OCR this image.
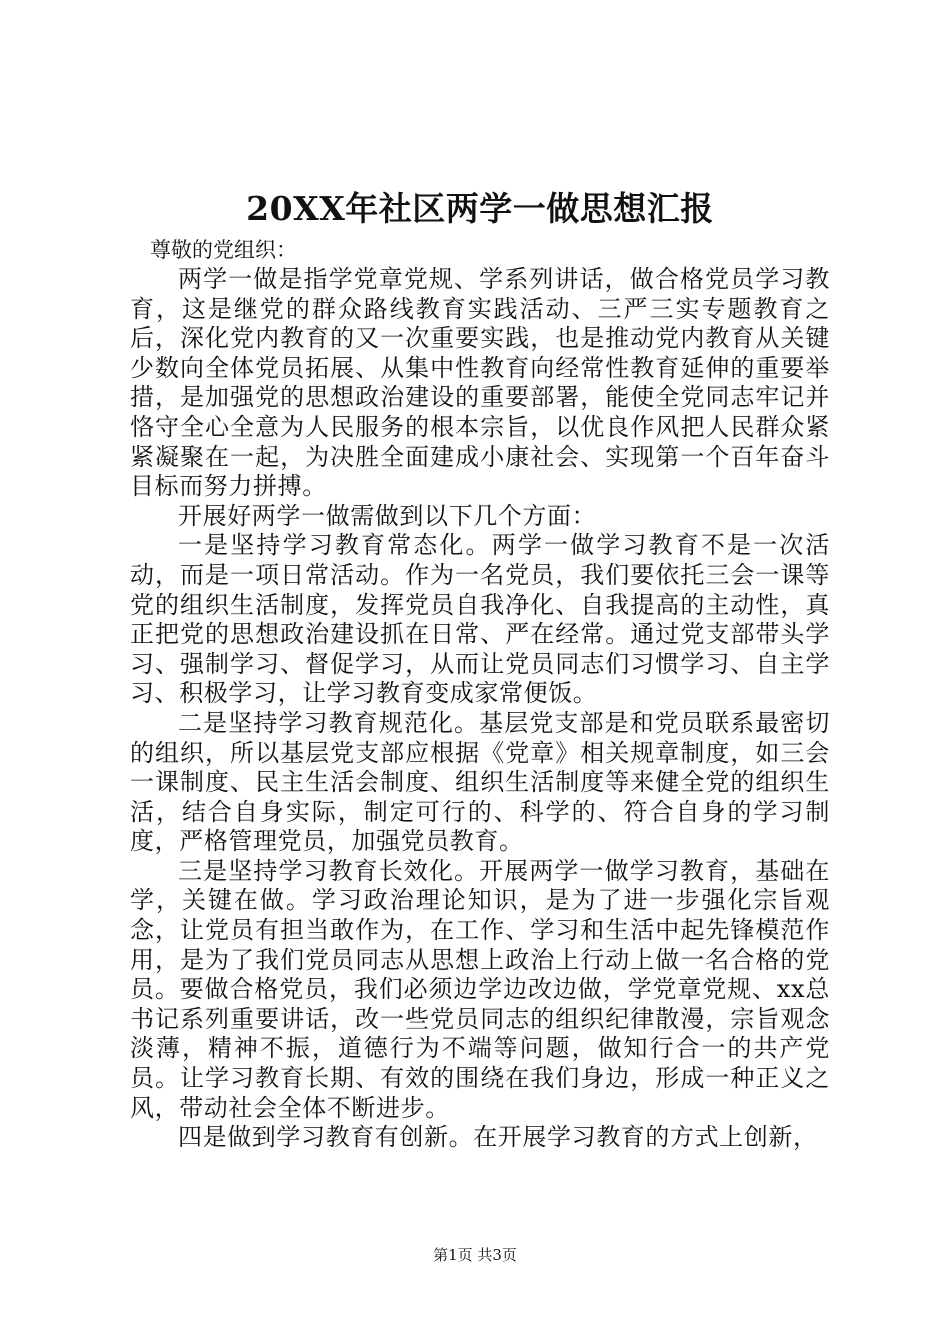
20XX年社区两学一做思想汇报

尊敬的党组织：

两学一做是指学党章党规、学系列讲话，做合格党员学习教育，这是继党的群众路线教育实践活动、三严三实专题教育之后，深化党内教育的又一次重要实践，也是推动党内教育从关键少数向全体党员拓展、从集中性教育向经常性教育延伸的重要举措，是加强党的思想政治建设的重要部署，能使全党同志牢记并恪守全心全意为人民服务的根本宗旨，以优良作风把人民群众紧紧凝聚在一起，为决胜全面建成小康社会、实现第一个百年奋斗目标而努力拼搏。

开展好两学一做需做到以下几个方面：

一是坚持学习教育常态化。两学一做学习教育不是一次活动，而是一项日常活动。作为一名党员，我们要依托三会一课等党的组织生活制度，发挥党员自我净化、自我提高的主动性，真正把党的思想政治建设抓在日常、严在经常。通过党支部带头学习、强制学习、督促学习，从而让党员同志们习惯学习、自主学习、积极学习，让学习教育变成家常便饭。

二是坚持学习教育规范化。基层党支部是和党员联系最密切的组织，所以基层党支部应根据《党章》相关规章制度，如三会一课制度、民主生活会制度、组织生活制度等来健全党的组织生活，结合自身实际，制定可行的、科学的、符合自身的学习制度，严格管理党员，加强党员教育。

三是坚持学习教育长效化。开展两学一做学习教育，基础在学，关键在做。学习政治理论知识，是为了进一步强化宗旨观念，让党员有担当敢作为，在工作、学习和生活中起先锋模范作用，是为了我们党员同志从思想上政治上行动上做一名合格的党员。要做合格党员，我们必须边学边改边做，学党章党规、xx总书记系列重要讲话，改一些党员同志的组织纪律散漫，宗旨观念淡薄，精神不振，道德行为不端等问题，做知行合一的共产党员。让学习教育长期、有效的围绕在我们身边，形成一种正义之风，带动社会全体不断进步。

四是做到学习教育有创新。在开展学习教育的方式上创新，

第1页 共3页
